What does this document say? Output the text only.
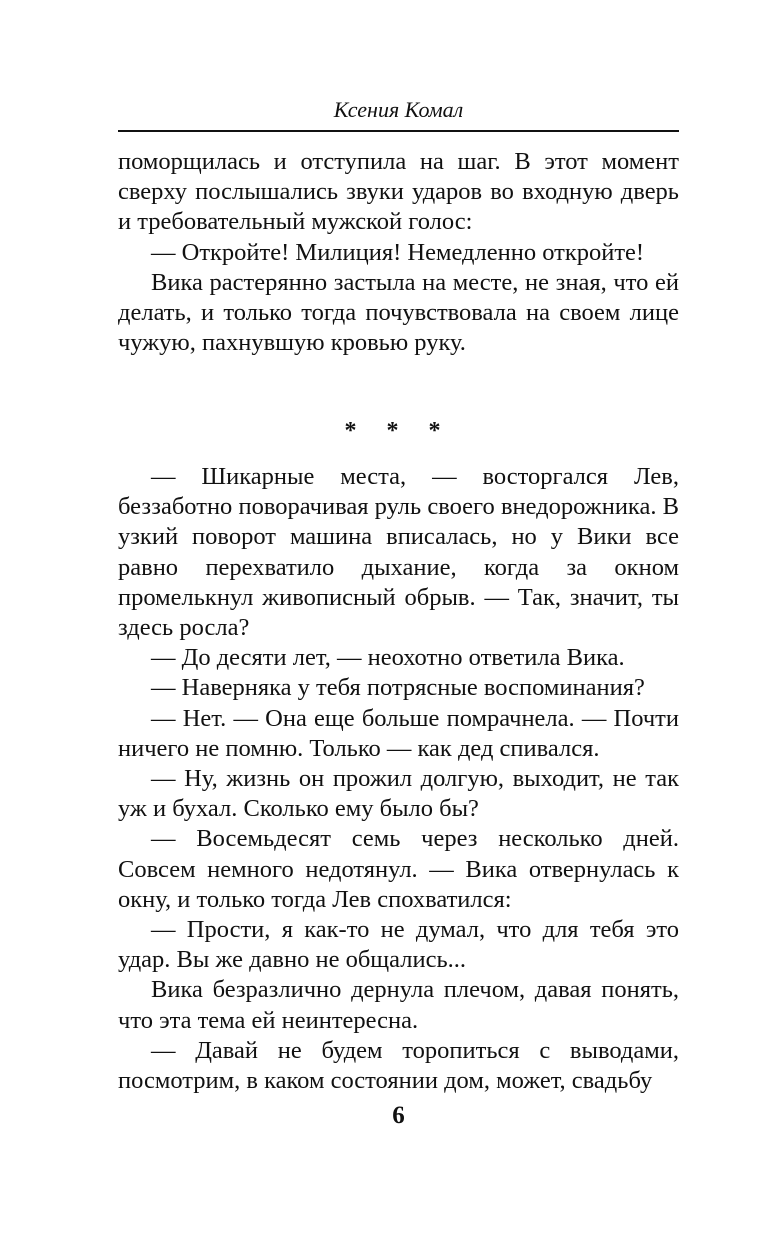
Ксения Комал

поморщилась и отступила на шаг. В этот момент сверху послышались звуки ударов во входную дверь и требовательный мужской голос:

— Откройте! Милиция! Немедленно откройте!

Вика растерянно застыла на месте, не зная, что ей делать, и только тогда почувствовала на своем лице чужую, пахнувшую кровью руку.

* * *

— Шикарные места, — восторгался Лев, беззаботно поворачивая руль своего внедорожника. В узкий поворот машина вписалась, но у Вики все равно перехватило дыхание, когда за окном промелькнул живописный обрыв. — Так, значит, ты здесь росла?

— До десяти лет, — неохотно ответила Вика.

— Наверняка у тебя потрясные воспоминания?

— Нет. — Она еще больше помрачнела. — Почти ничего не помню. Только — как дед спивался.

— Ну, жизнь он прожил долгую, выходит, не так уж и бухал. Сколько ему было бы?

— Восемьдесят семь через несколько дней. Совсем немного недотянул. — Вика отвернулась к окну, и только тогда Лев спохватился:

— Прости, я как-то не думал, что для тебя это удар. Вы же давно не общались...

Вика безразлично дернула плечом, давая понять, что эта тема ей неинтересна.

— Давай не будем торопиться с выводами, посмотрим, в каком состоянии дом, может, свадьбу

6
